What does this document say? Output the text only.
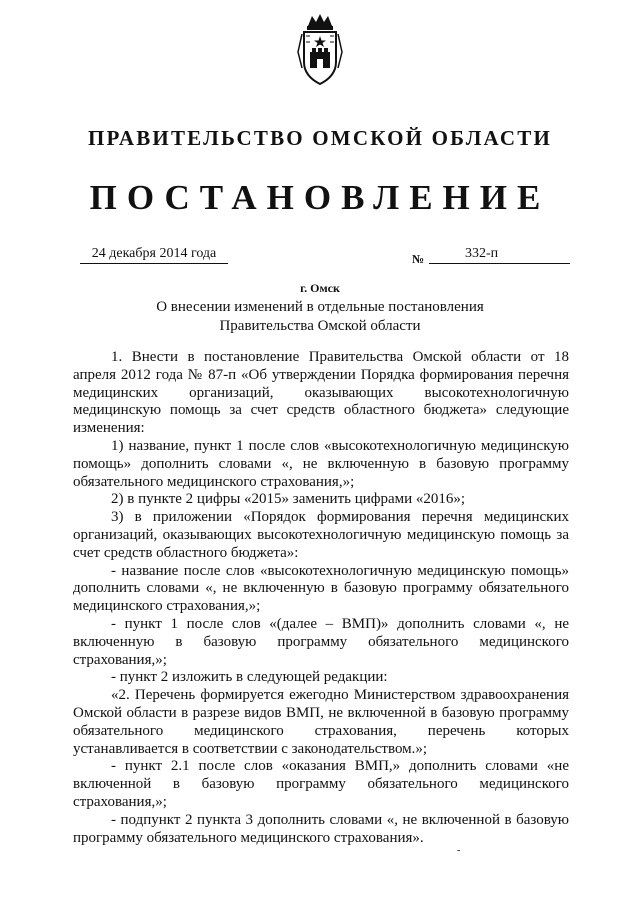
ПРАВИТЕЛЬСТВО ОМСКОЙ ОБЛАСТИ
ПОСТАНОВЛЕНИЕ
24 декабря 2014 года	№	332-п
г. Омск
О внесении изменений в отдельные постановления
Правительства Омской области

1. Внести в постановление Правительства Омской области от 18 апреля 2012 года № 87-п «Об утверждении Порядка формирования перечня медицинских организаций, оказывающих высокотехнологичную медицинскую помощь за счет средств областного бюджета» следующие изменения:

1) название, пункт 1 после слов «высокотехнологичную медицинскую помощь» дополнить словами «, не включенную в базовую программу обязательного медицинского страхования,»;

2) в пункте 2 цифры «2015» заменить цифрами «2016»;

3) в приложении «Порядок формирования перечня медицинских организаций, оказывающих высокотехнологичную медицинскую помощь за счет средств областного бюджета»:

- название после слов «высокотехнологичную медицинскую помощь» дополнить словами «, не включенную в базовую программу обязательного медицинского страхования,»;

- пункт 1 после слов «(далее – ВМП)» дополнить словами «, не включенную в базовую программу обязательного медицинского страхования,»;

- пункт 2 изложить в следующей редакции:

«2. Перечень формируется ежегодно Министерством здравоохранения Омской области в разрезе видов ВМП, не включенной в базовую программу обязательного медицинского страхования, перечень которых устанавливается в соответствии с законодательством.»;

- пункт 2.1 после слов «оказания ВМП,» дополнить словами «не включенной в базовую программу обязательного медицинского страхования,»;

- подпункт 2 пункта 3 дополнить словами «, не включенной в базовую программу обязательного медицинского страхования».

-
